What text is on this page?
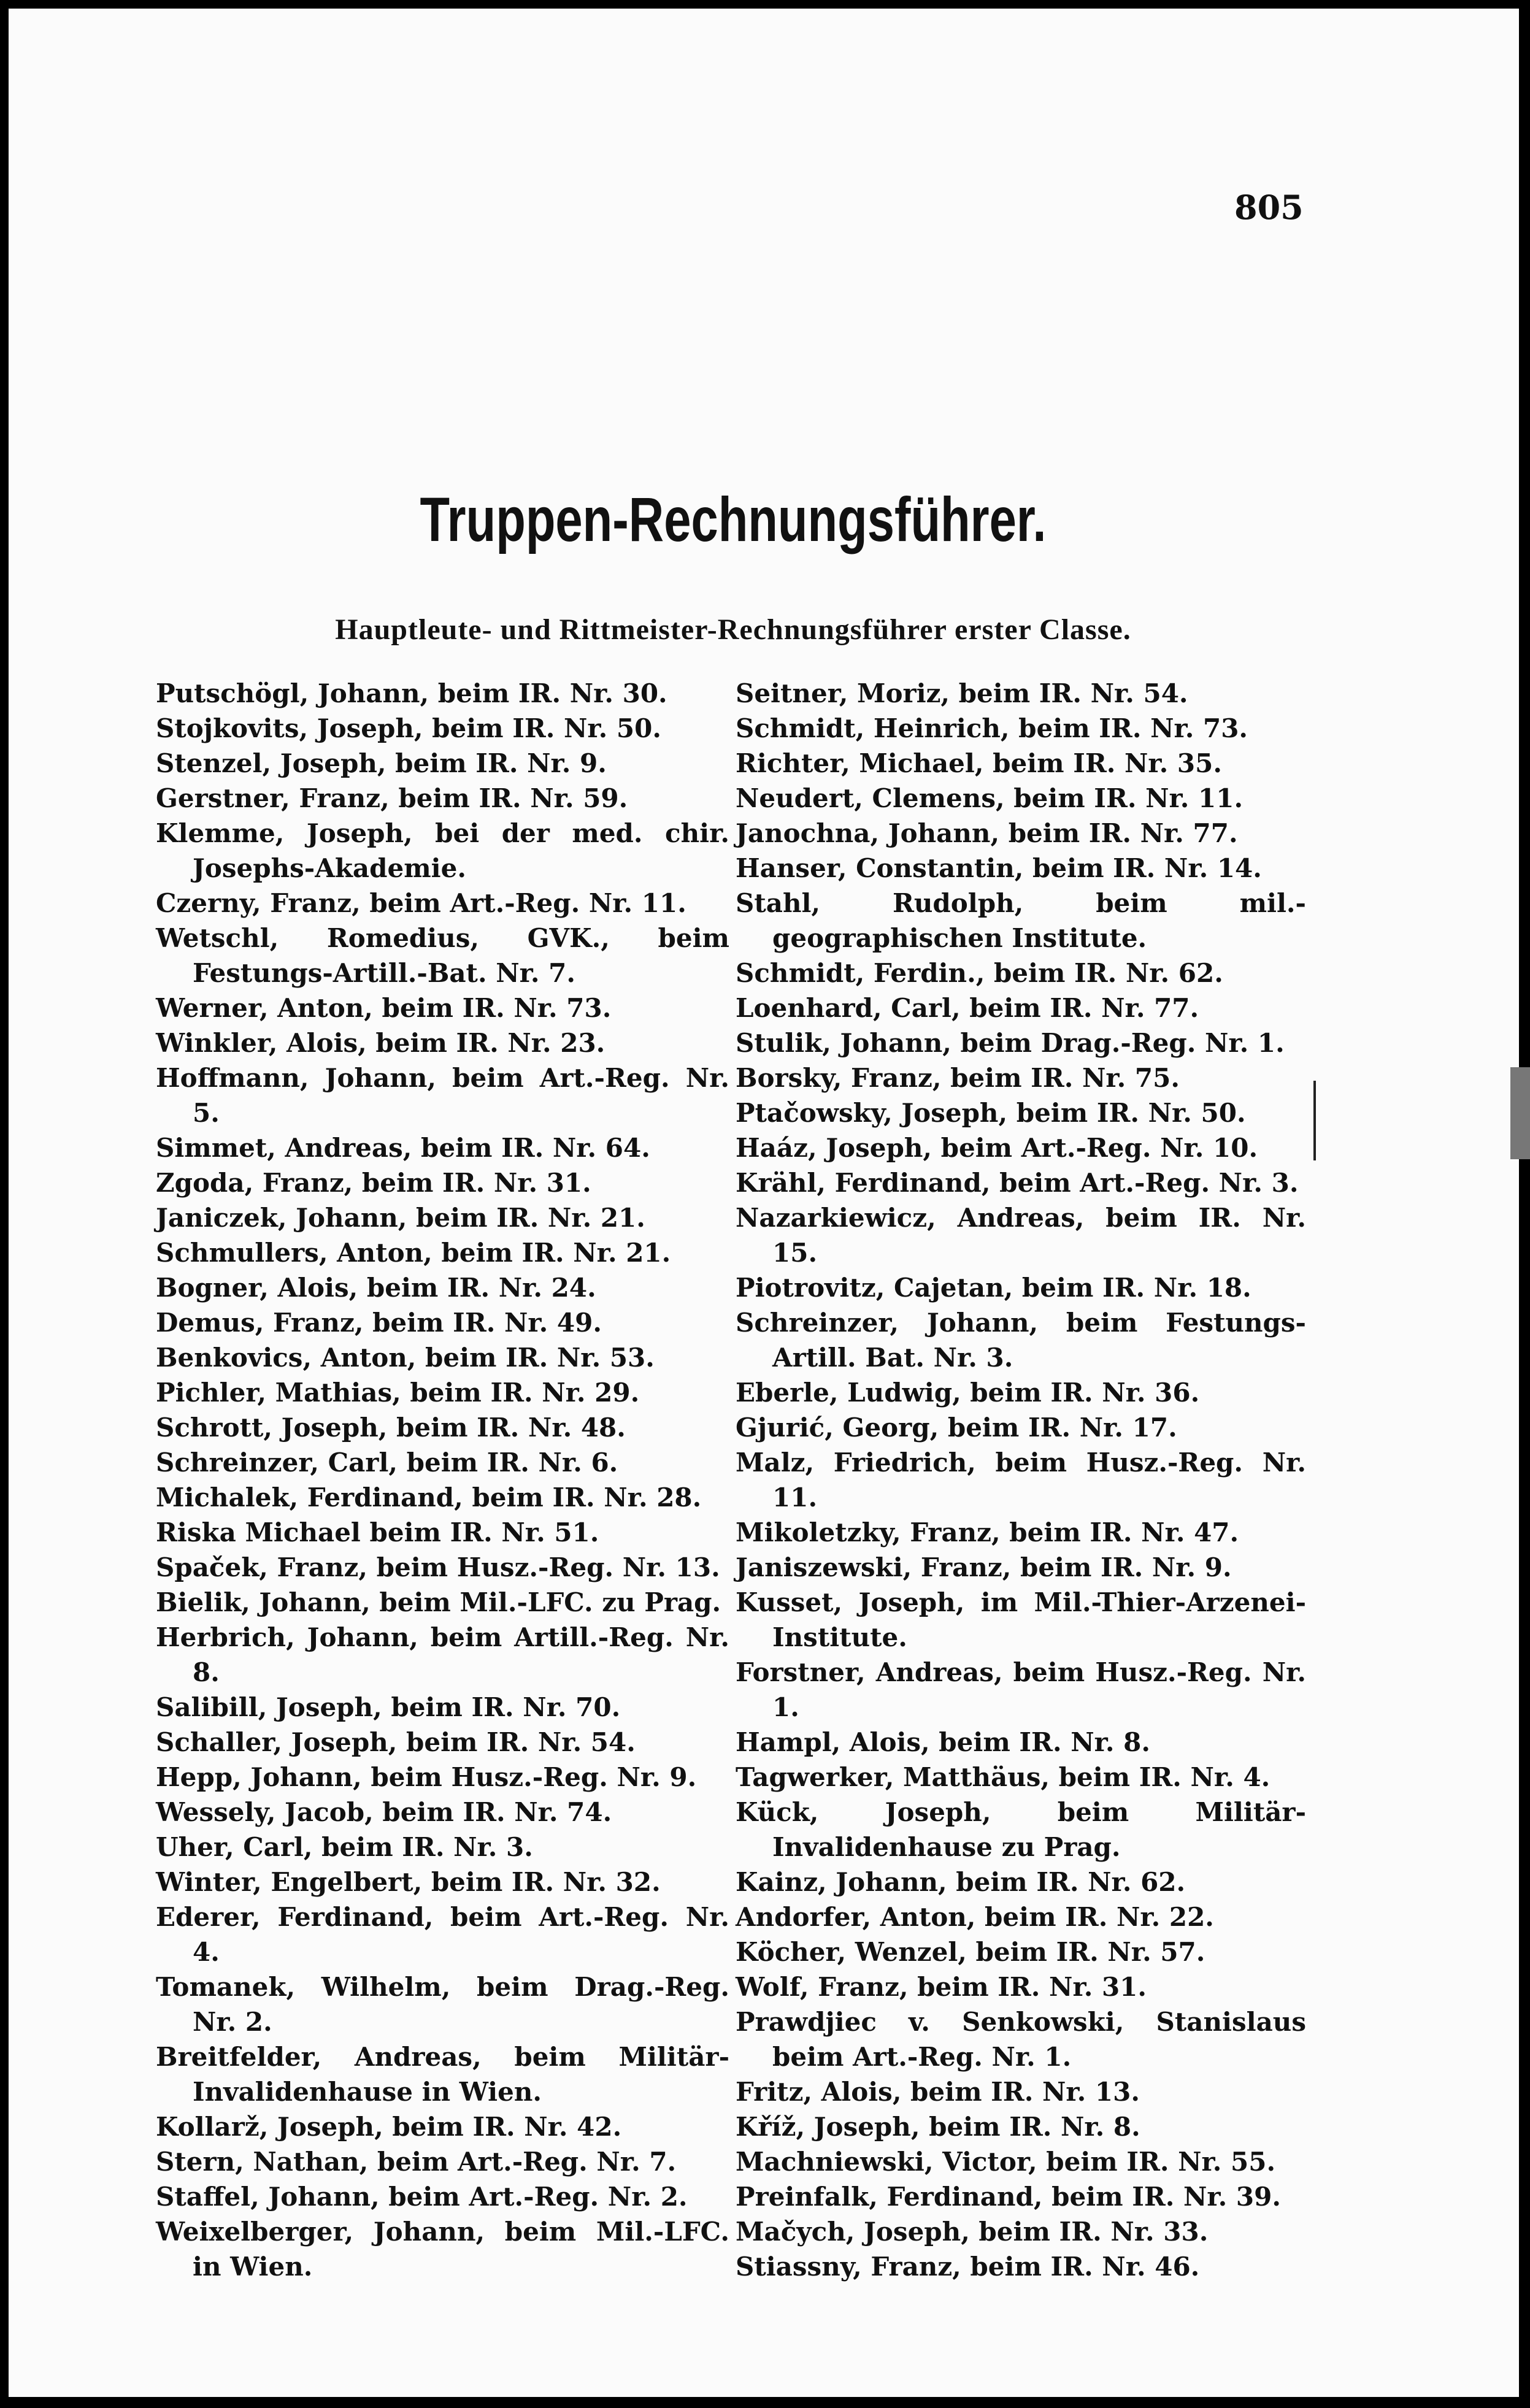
805
Truppen-Rechnungsführer.
Hauptleute- und Rittmeister-Rechnungsführer erster Classe.
Putschögl, Johann, beim IR. Nr. 30.
Stojkovits, Joseph, beim IR. Nr. 50.
Stenzel, Joseph, beim IR. Nr. 9.
Gerstner, Franz, beim IR. Nr. 59.
Klemme, Joseph, bei der med. chir. Josephs-Akademie.
Czerny, Franz, beim Art.-Reg. Nr. 11.
Wetschl, Romedius, GVK., beim Festungs-Artill.-Bat. Nr. 7.
Werner, Anton, beim IR. Nr. 73.
Winkler, Alois, beim IR. Nr. 23.
Hoffmann, Johann, beim Art.-Reg. Nr. 5.
Simmet, Andreas, beim IR. Nr. 64.
Zgoda, Franz, beim IR. Nr. 31.
Janiczek, Johann, beim IR. Nr. 21.
Schmullers, Anton, beim IR. Nr. 21.
Bogner, Alois, beim IR. Nr. 24.
Demus, Franz, beim IR. Nr. 49.
Benkovics, Anton, beim IR. Nr. 53.
Pichler, Mathias, beim IR. Nr. 29.
Schrott, Joseph, beim IR. Nr. 48.
Schreinzer, Carl, beim IR. Nr. 6.
Michalek, Ferdinand, beim IR. Nr. 28.
Riska Michael beim IR. Nr. 51.
Spaček, Franz, beim Husz.-Reg. Nr. 13.
Bielik, Johann, beim Mil.-LFC. zu Prag.
Herbrich, Johann, beim Artill.-Reg. Nr. 8.
Salibill, Joseph, beim IR. Nr. 70.
Schaller, Joseph, beim IR. Nr. 54.
Hepp, Johann, beim Husz.-Reg. Nr. 9.
Wessely, Jacob, beim IR. Nr. 74.
Uher, Carl, beim IR. Nr. 3.
Winter, Engelbert, beim IR. Nr. 32.
Ederer, Ferdinand, beim Art.-Reg. Nr. 4.
Tomanek, Wilhelm, beim Drag.-Reg. Nr. 2.
Breitfelder, Andreas, beim Militär-Invalidenhause in Wien.
Kollarž, Joseph, beim IR. Nr. 42.
Stern, Nathan, beim Art.-Reg. Nr. 7.
Staffel, Johann, beim Art.-Reg. Nr. 2.
Weixelberger, Johann, beim Mil.-LFC. in Wien.
Seitner, Moriz, beim IR. Nr. 54.
Schmidt, Heinrich, beim IR. Nr. 73.
Richter, Michael, beim IR. Nr. 35.
Neudert, Clemens, beim IR. Nr. 11.
Janochna, Johann, beim IR. Nr. 77.
Hanser, Constantin, beim IR. Nr. 14.
Stahl, Rudolph, beim mil.-geographischen Institute.
Schmidt, Ferdin., beim IR. Nr. 62.
Loenhard, Carl, beim IR. Nr. 77.
Stulik, Johann, beim Drag.-Reg. Nr. 1.
Borsky, Franz, beim IR. Nr. 75.
Ptačowsky, Joseph, beim IR. Nr. 50.
Haáz, Joseph, beim Art.-Reg. Nr. 10.
Krähl, Ferdinand, beim Art.-Reg. Nr. 3.
Nazarkiewicz, Andreas, beim IR. Nr. 15.
Piotrovitz, Cajetan, beim IR. Nr. 18.
Schreinzer, Johann, beim Festungs-Artill. Bat. Nr. 3.
Eberle, Ludwig, beim IR. Nr. 36.
Gjurić, Georg, beim IR. Nr. 17.
Malz, Friedrich, beim Husz.-Reg. Nr. 11.
Mikoletzky, Franz, beim IR. Nr. 47.
Janiszewski, Franz, beim IR. Nr. 9.
Kusset, Joseph, im Mil.-Thier-Arzenei-Institute.
Forstner, Andreas, beim Husz.-Reg. Nr. 1.
Hampl, Alois, beim IR. Nr. 8.
Tagwerker, Matthäus, beim IR. Nr. 4.
Kück, Joseph, beim Militär-Invalidenhause zu Prag.
Kainz, Johann, beim IR. Nr. 62.
Andorfer, Anton, beim IR. Nr. 22.
Köcher, Wenzel, beim IR. Nr. 57.
Wolf, Franz, beim IR. Nr. 31.
Prawdjiec v. Senkowski, Stanislaus beim Art.-Reg. Nr. 1.
Fritz, Alois, beim IR. Nr. 13.
Kříž, Joseph, beim IR. Nr. 8.
Machniewski, Victor, beim IR. Nr. 55.
Preinfalk, Ferdinand, beim IR. Nr. 39.
Mačych, Joseph, beim IR. Nr. 33.
Stiassny, Franz, beim IR. Nr. 46.
